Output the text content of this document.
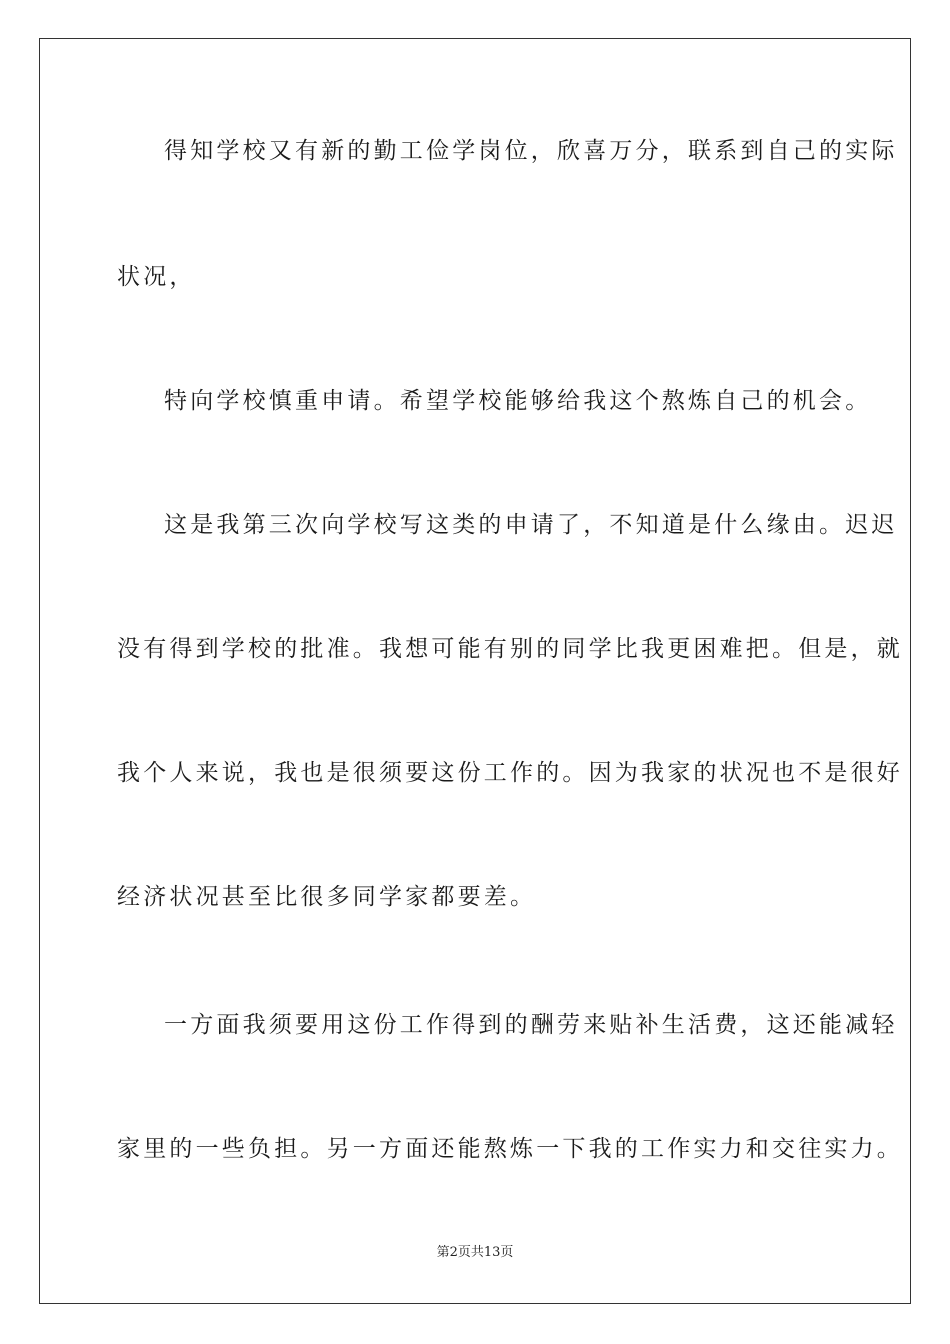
得知学校又有新的勤工俭学岗位，欣喜万分，联系到自己的实际
状况，
特向学校慎重申请。希望学校能够给我这个熬炼自己的机会。
这是我第三次向学校写这类的申请了，不知道是什么缘由。迟迟
没有得到学校的批准。我想可能有别的同学比我更困难把。但是，就
我个人来说，我也是很须要这份工作的。因为我家的状况也不是很好
经济状况甚至比很多同学家都要差。
一方面我须要用这份工作得到的酬劳来贴补生活费，这还能减轻
家里的一些负担。另一方面还能熬炼一下我的工作实力和交往实力。
第2页共13页
